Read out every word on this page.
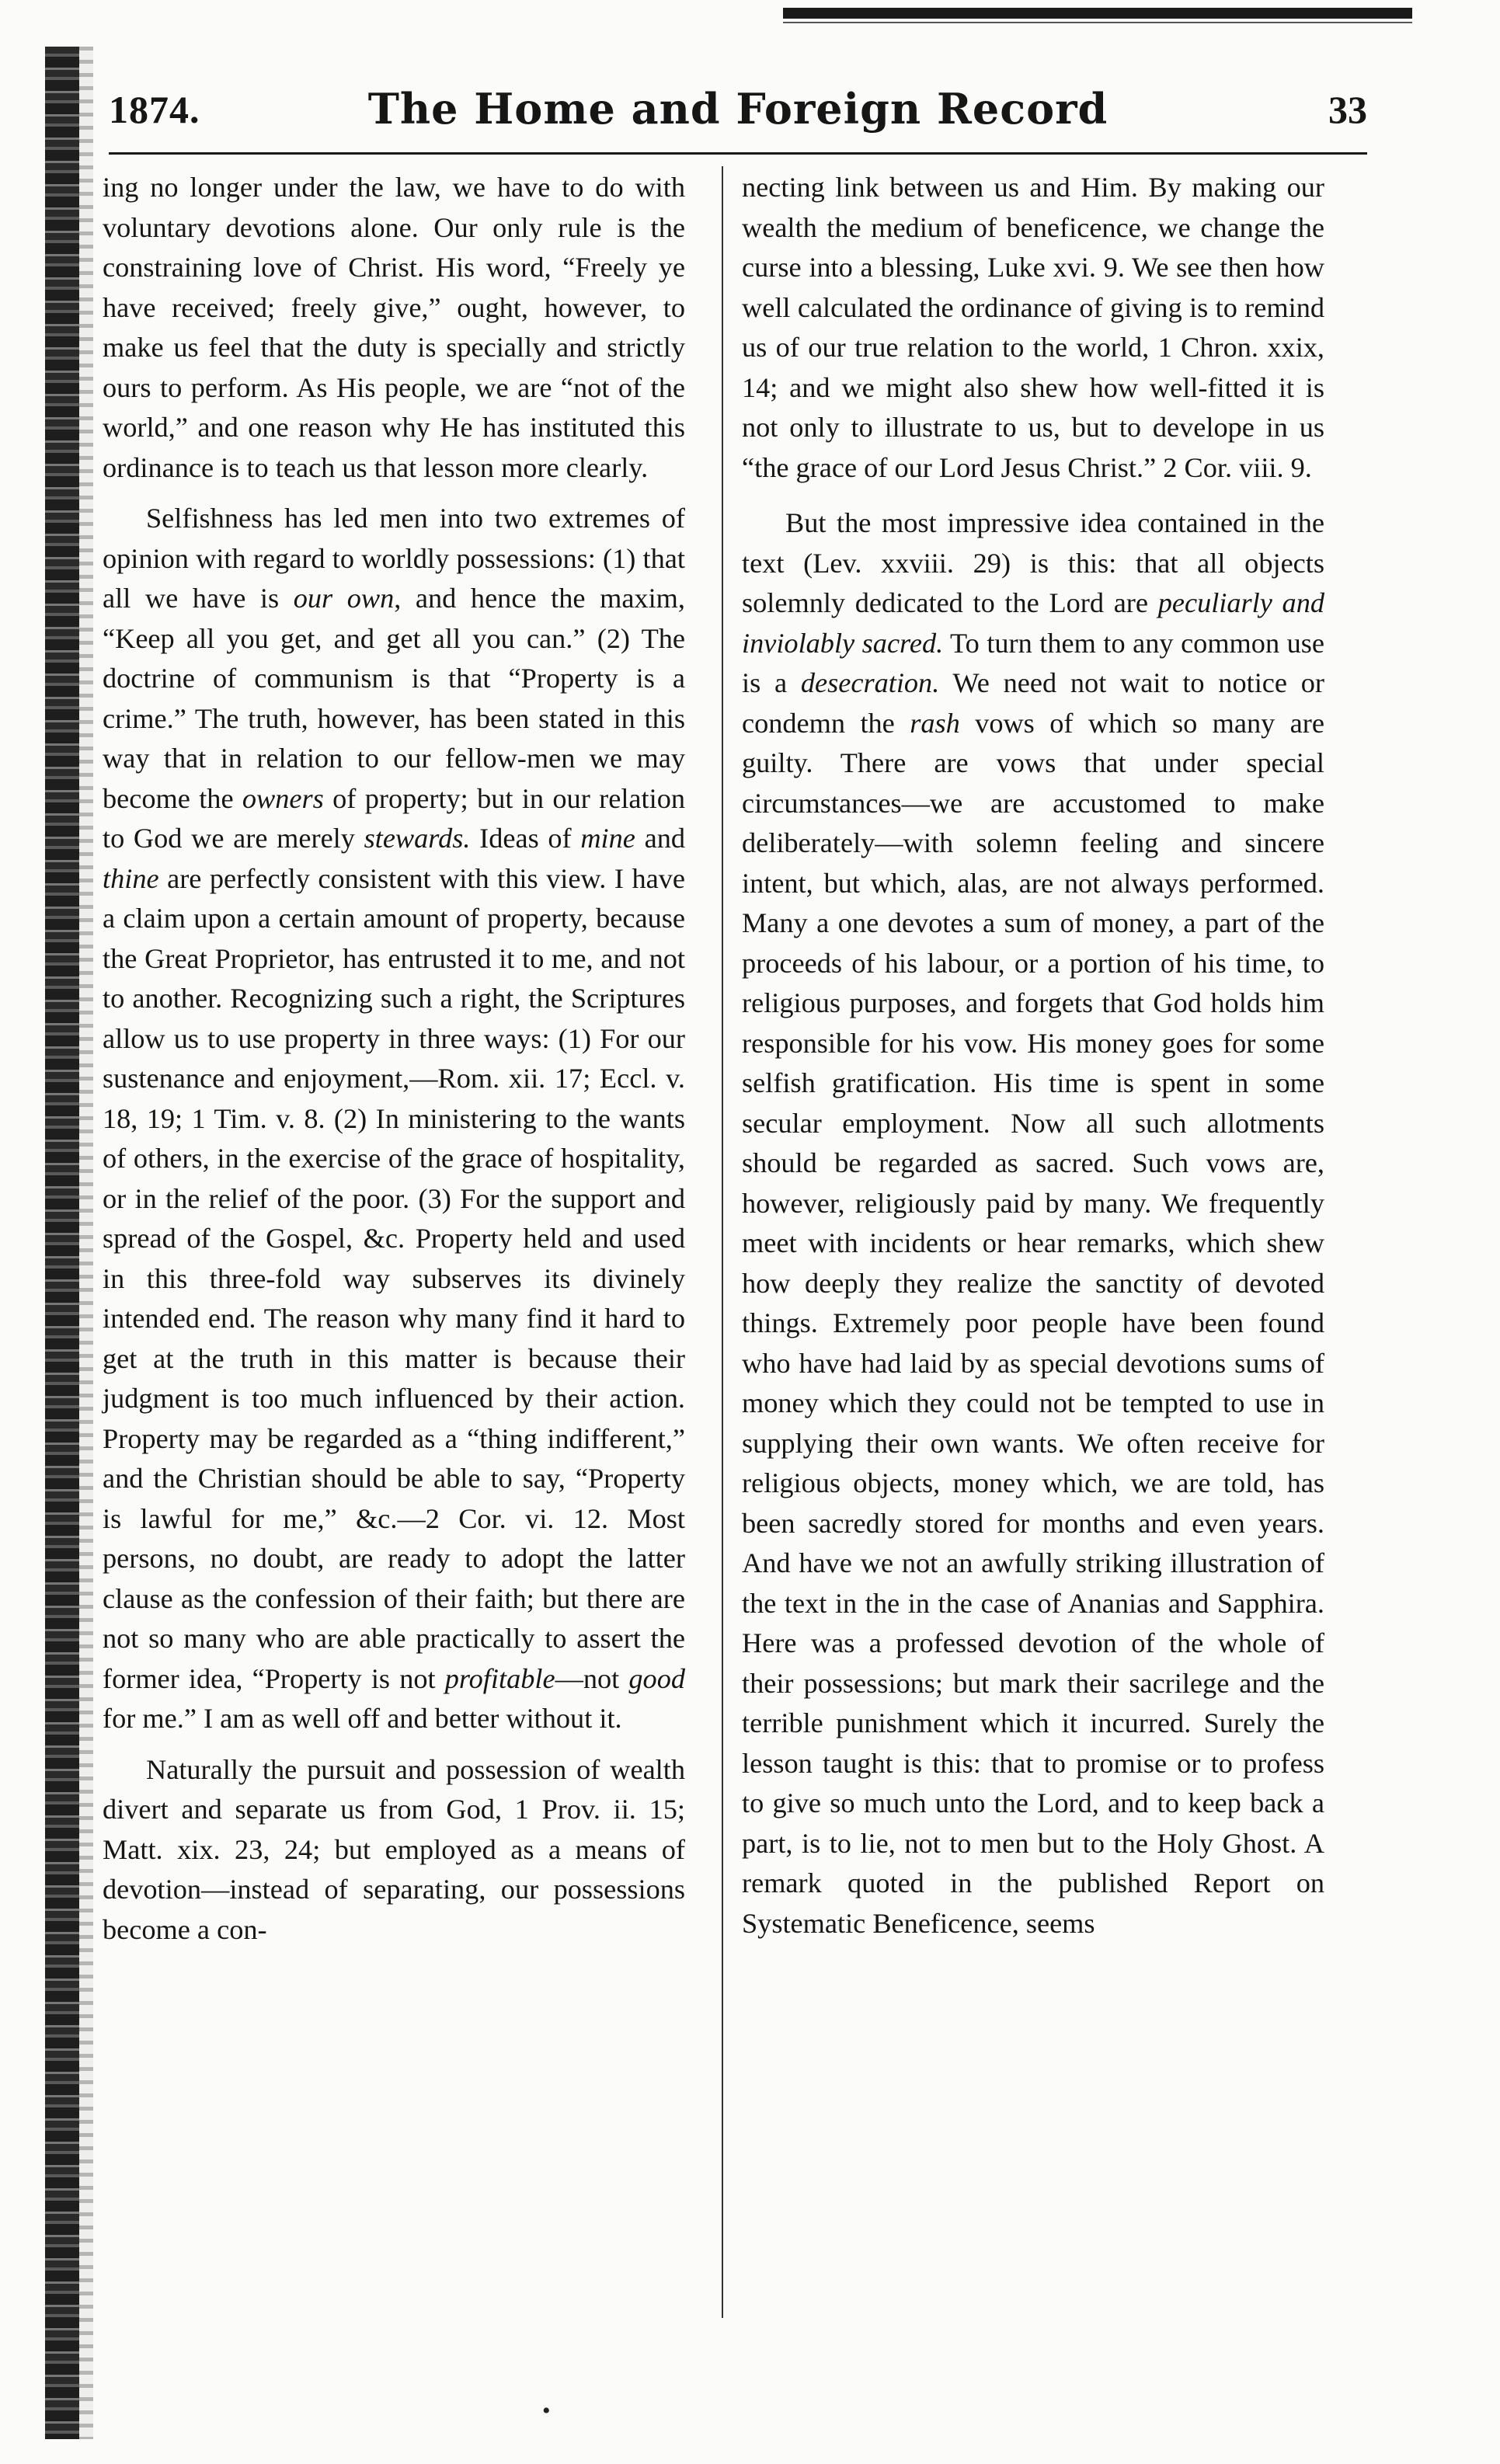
1874.	The Home and Foreign Record	33

ing no longer under the law, we have to do with voluntary devotions alone. Our only rule is the constraining love of Christ. His word, “Freely ye have received; freely give,” ought, however, to make us feel that the duty is specially and strictly ours to perform. As His people, we are “not of the world,” and one reason why He has instituted this ordinance is to teach us that lesson more clearly.

Selfishness has led men into two extremes of opinion with regard to worldly possessions: (1) that all we have is our own, and hence the maxim, “Keep all you get, and get all you can.” (2) The doctrine of communism is that “Property is a crime.” The truth, however, has been stated in this way that in relation to our fellow-men we may become the owners of property; but in our relation to God we are merely stewards. Ideas of mine and thine are perfectly consistent with this view. I have a claim upon a certain amount of property, because the Great Proprietor, has entrusted it to me, and not to another. Recognizing such a right, the Scriptures allow us to use property in three ways: (1) For our sustenance and enjoyment,—Rom. xii. 17; Eccl. v. 18, 19; 1 Tim. v. 8. (2) In ministering to the wants of others, in the exercise of the grace of hospitality, or in the relief of the poor. (3) For the support and spread of the Gospel, &c. Property held and used in this three-fold way subserves its divinely intended end. The reason why many find it hard to get at the truth in this matter is because their judgment is too much influenced by their action. Property may be regarded as a “thing indifferent,” and the Christian should be able to say, “Property is lawful for me,” &c.—2 Cor. vi. 12. Most persons, no doubt, are ready to adopt the latter clause as the confession of their faith; but there are not so many who are able practically to assert the former idea, “Property is not profitable—not good for me.” I am as well off and better without it.

Naturally the pursuit and possession of wealth divert and separate us from God, 1 Prov. ii. 15; Matt. xix. 23, 24; but employed as a means of devotion—instead of separating, our possessions become a con-

necting link between us and Him. By making our wealth the medium of beneficence, we change the curse into a blessing, Luke xvi. 9. We see then how well calculated the ordinance of giving is to remind us of our true relation to the world, 1 Chron. xxix, 14; and we might also shew how well-fitted it is not only to illustrate to us, but to develope in us “the grace of our Lord Jesus Christ.” 2 Cor. viii. 9.

But the most impressive idea contained in the text (Lev. xxviii. 29) is this: that all objects solemnly dedicated to the Lord are peculiarly and inviolably sacred. To turn them to any common use is a desecration. We need not wait to notice or condemn the rash vows of which so many are guilty. There are vows that under special circumstances—we are accustomed to make deliberately—with solemn feeling and sincere intent, but which, alas, are not always performed. Many a one devotes a sum of money, a part of the proceeds of his labour, or a portion of his time, to religious purposes, and forgets that God holds him responsible for his vow. His money goes for some selfish gratification. His time is spent in some secular employment. Now all such allotments should be regarded as sacred. Such vows are, however, religiously paid by many. We frequently meet with incidents or hear remarks, which shew how deeply they realize the sanctity of devoted things. Extremely poor people have been found who have had laid by as special devotions sums of money which they could not be tempted to use in supplying their own wants. We often receive for religious objects, money which, we are told, has been sacredly stored for months and even years. And have we not an awfully striking illustration of the text in the in the case of Ananias and Sapphira. Here was a professed devotion of the whole of their possessions; but mark their sacrilege and the terrible punishment which it incurred. Surely the lesson taught is this: that to promise or to profess to give so much unto the Lord, and to keep back a part, is to lie, not to men but to the Holy Ghost. A remark quoted in the published Report on Systematic Beneficence, seems

•
